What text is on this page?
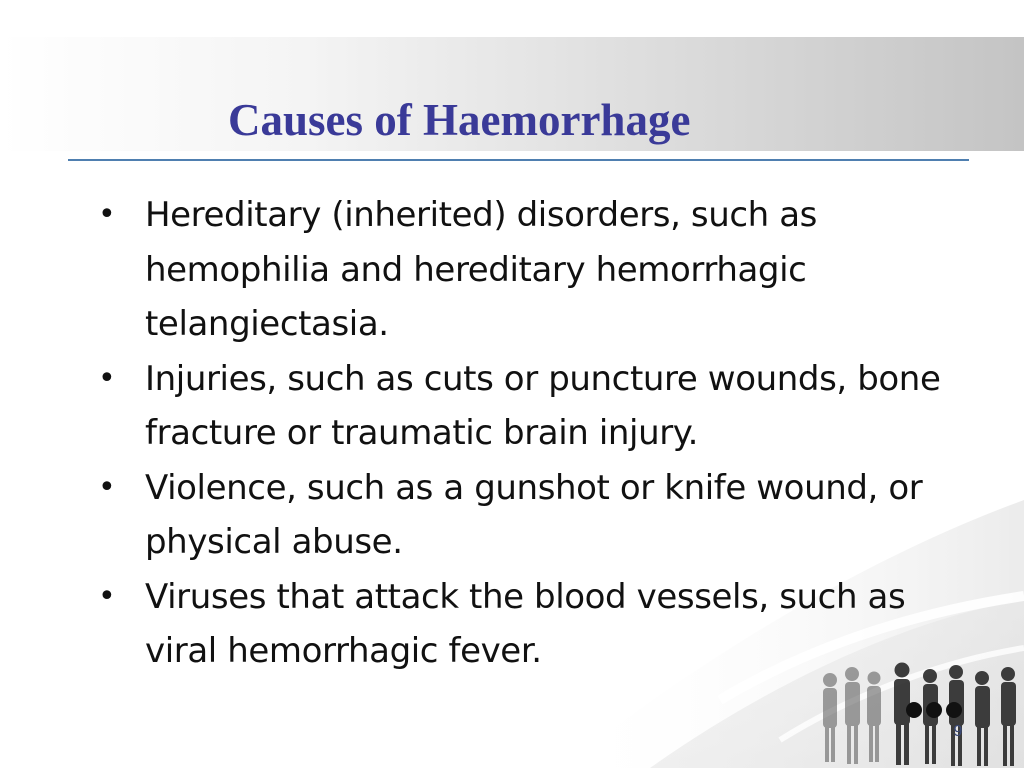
Causes of Haemorrhage
• Hereditary (inherited) disorders, such as hemophilia and hereditary hemorrhagic telangiectasia.
• Injuries, such as cuts or puncture wounds, bone fracture or traumatic brain injury.
• Violence, such as a gunshot or knife wound, or physical abuse.
• Viruses that attack the blood vessels, such as viral hemorrhagic fever.
9
